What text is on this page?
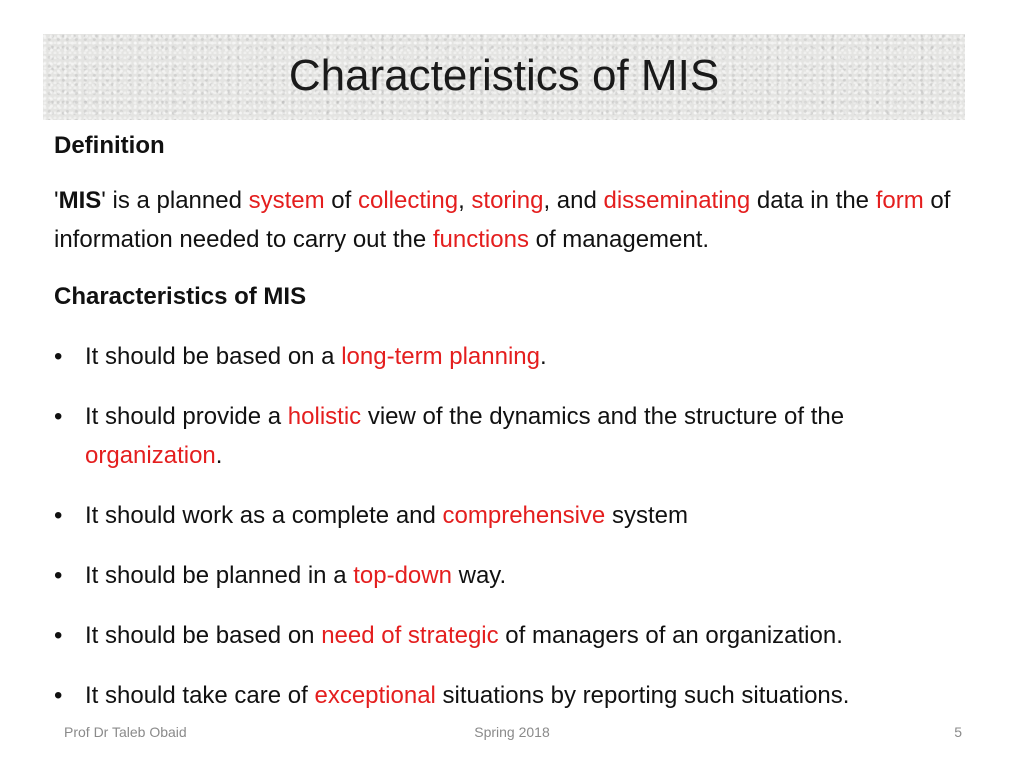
Characteristics of MIS

Definition

'MIS' is a planned system of collecting, storing, and disseminating data in the form of information needed to carry out the functions of management.

Characteristics of MIS

• It should be based on a long-term planning.
• It should provide a holistic view of the dynamics and the structure of the organization.
• It should work as a complete and comprehensive system
• It should be planned in a top-down way.
• It should be based on need of strategic of managers of an organization.
• It should take care of exceptional situations by reporting such situations.
Prof Dr Taleb Obaid	Spring 2018	5
